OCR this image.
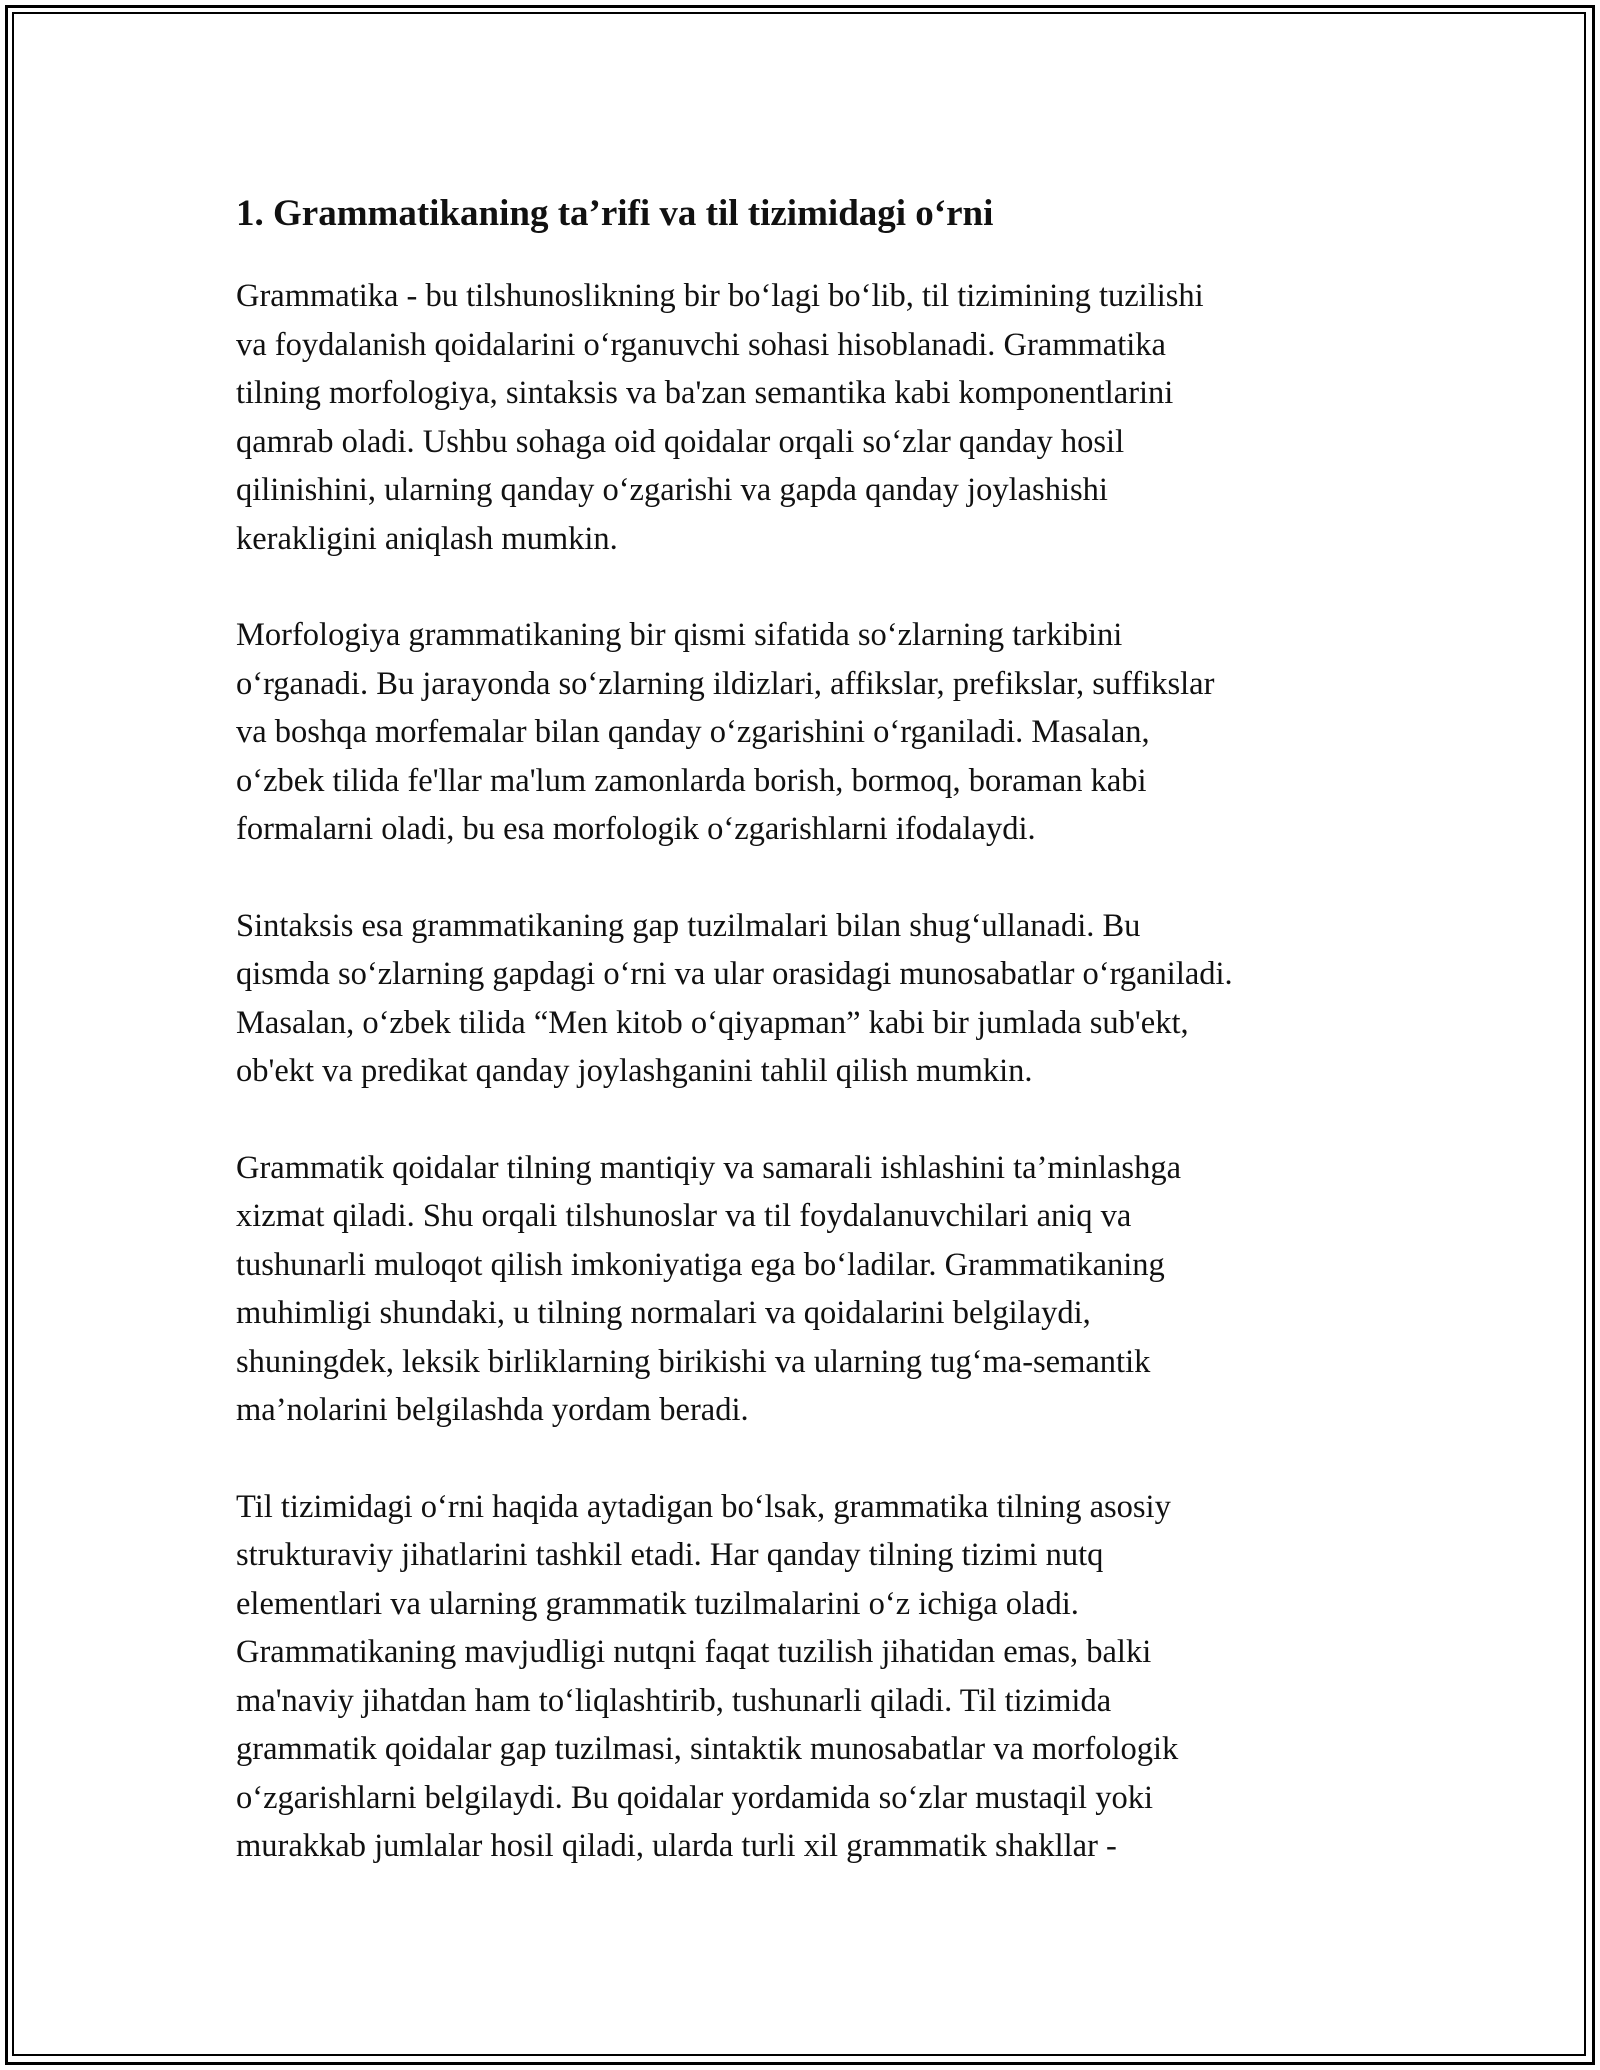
1. Grammatikaning ta’rifi va til tizimidagi o‘rni

Grammatika - bu tilshunoslikning bir bo‘lagi bo‘lib, til tizimining tuzilishi
va foydalanish qoidalarini o‘rganuvchi sohasi hisoblanadi. Grammatika
tilning morfologiya, sintaksis va ba'zan semantika kabi komponentlarini
qamrab oladi. Ushbu sohaga oid qoidalar orqali so‘zlar qanday hosil
qilinishini, ularning qanday o‘zgarishi va gapda qanday joylashishi
kerakligini aniqlash mumkin.

Morfologiya grammatikaning bir qismi sifatida so‘zlarning tarkibini
o‘rganadi. Bu jarayonda so‘zlarning ildizlari, affikslar, prefikslar, suffikslar
va boshqa morfemalar bilan qanday o‘zgarishini o‘rganiladi. Masalan,
o‘zbek tilida fe'llar ma'lum zamonlarda borish, bormoq, boraman kabi
formalarni oladi, bu esa morfologik o‘zgarishlarni ifodalaydi.

Sintaksis esa grammatikaning gap tuzilmalari bilan shug‘ullanadi. Bu
qismda so‘zlarning gapdagi o‘rni va ular orasidagi munosabatlar o‘rganiladi.
Masalan, o‘zbek tilida “Men kitob o‘qiyapman” kabi bir jumlada sub'ekt,
ob'ekt va predikat qanday joylashganini tahlil qilish mumkin.

Grammatik qoidalar tilning mantiqiy va samarali ishlashini ta’minlashga
xizmat qiladi. Shu orqali tilshunoslar va til foydalanuvchilari aniq va
tushunarli muloqot qilish imkoniyatiga ega bo‘ladilar. Grammatikaning
muhimligi shundaki, u tilning normalari va qoidalarini belgilaydi,
shuningdek, leksik birliklarning birikishi va ularning tug‘ma-semantik
ma’nolarini belgilashda yordam beradi.

Til tizimidagi o‘rni haqida aytadigan bo‘lsak, grammatika tilning asosiy
strukturaviy jihatlarini tashkil etadi. Har qanday tilning tizimi nutq
elementlari va ularning grammatik tuzilmalarini o‘z ichiga oladi.
Grammatikaning mavjudligi nutqni faqat tuzilish jihatidan emas, balki
ma'naviy jihatdan ham to‘liqlashtirib, tushunarli qiladi. Til tizimida
grammatik qoidalar gap tuzilmasi, sintaktik munosabatlar va morfologik
o‘zgarishlarni belgilaydi. Bu qoidalar yordamida so‘zlar mustaqil yoki
murakkab jumlalar hosil qiladi, ularda turli xil grammatik shakllar -
